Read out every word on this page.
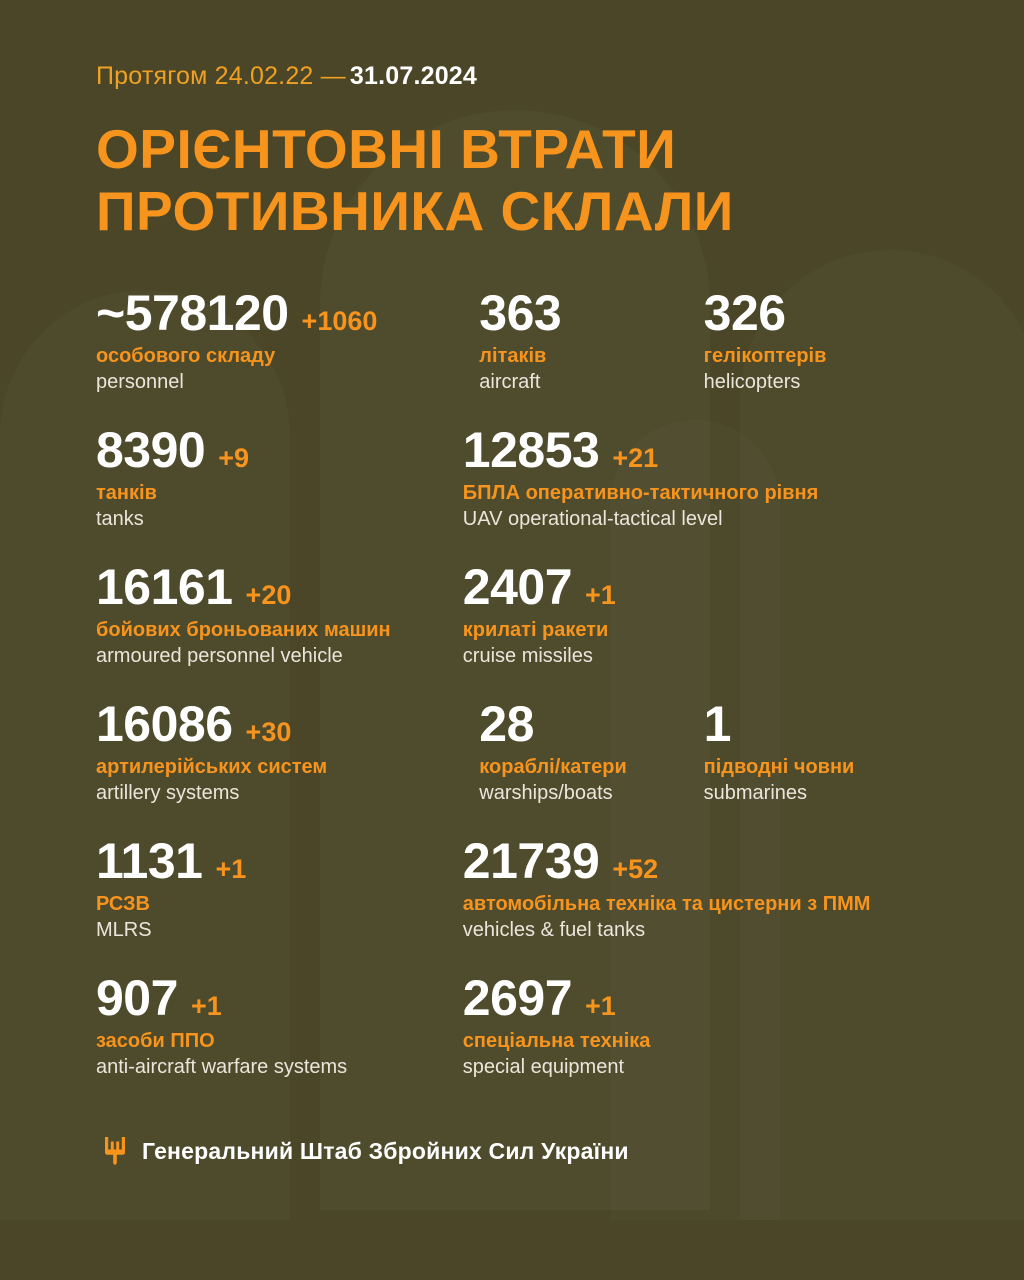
Протягом 24.02.22 — 31.07.2024
ОРІЄНТОВНІ ВТРАТИ
ПРОТИВНИКА СКЛАЛИ
~578120 +1060
особового складу
personnel
363
літаків
aircraft
326
гелікоптерів
helicopters
8390 +9
танків
tanks
12853 +21
БПЛА оперативно-тактичного рівня
UAV operational-tactical level
16161 +20
бойових броньованих машин
armoured personnel vehicle
2407 +1
крилаті ракети
cruise missiles
16086 +30
артилерійських систем
artillery systems
28
кораблі/катери
warships/boats
1
підводні човни
submarines
1131 +1
РСЗВ
MLRS
21739 +52
автомобільна техніка та цистерни з ПММ
vehicles & fuel tanks
907 +1
засоби ППО
anti-aircraft warfare systems
2697 +1
спеціальна техніка
special equipment
Генеральний Штаб Збройних Сил України
